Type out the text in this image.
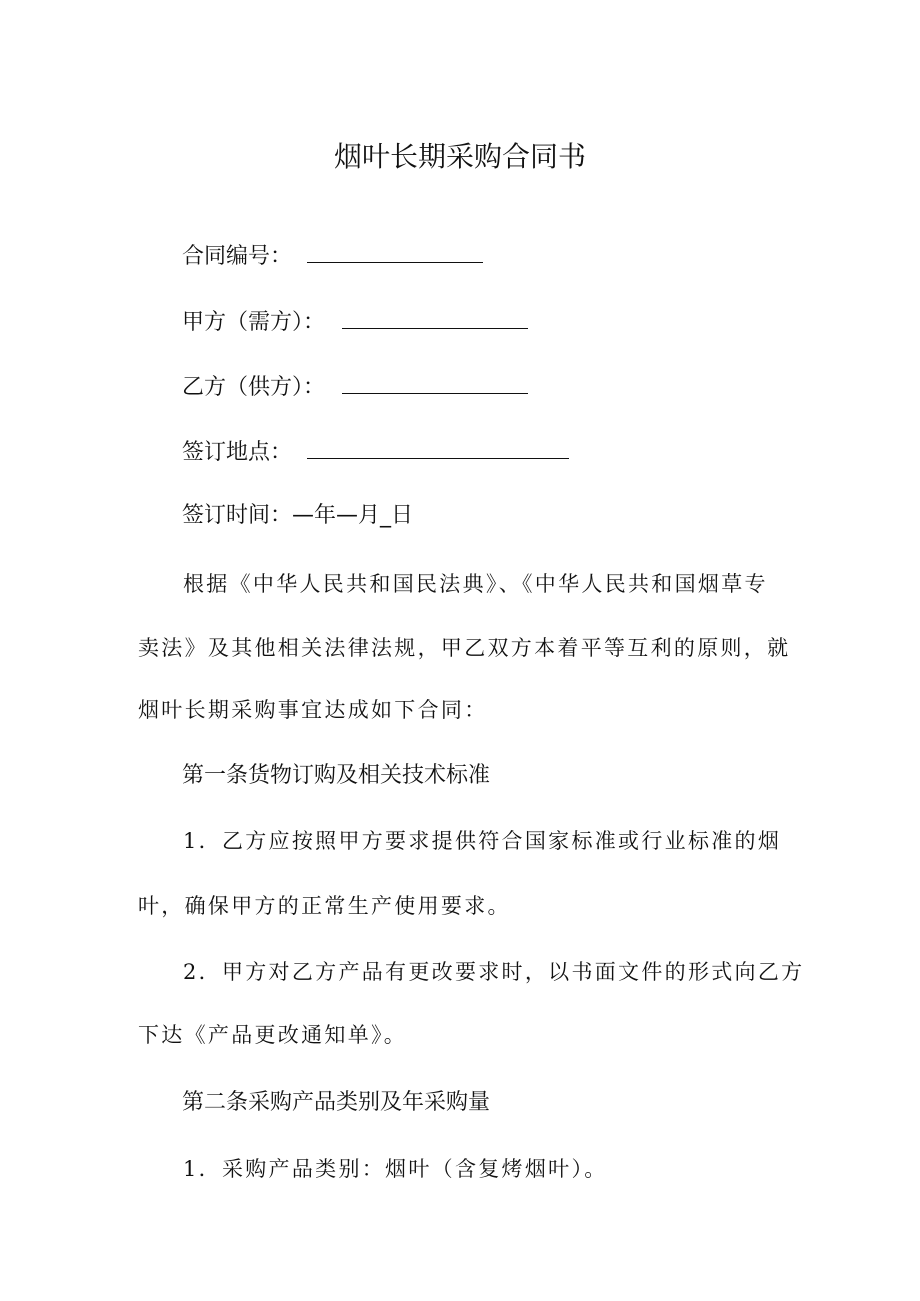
烟叶长期采购合同书
合同编号：
甲方（需方）：
乙方（供方）：
签订地点：
签订时间：—年—月_日
根据《中华人民共和国民法典》、《中华人民共和国烟草专
卖法》及其他相关法律法规，甲乙双方本着平等互利的原则，就
烟叶长期采购事宜达成如下合同：
第一条货物订购及相关技术标准
1．乙方应按照甲方要求提供符合国家标准或行业标准的烟
叶，确保甲方的正常生产使用要求。
2．甲方对乙方产品有更改要求时，以书面文件的形式向乙方
下达《产品更改通知单》。
第二条采购产品类别及年采购量
1．采购产品类别：烟叶（含复烤烟叶）。
